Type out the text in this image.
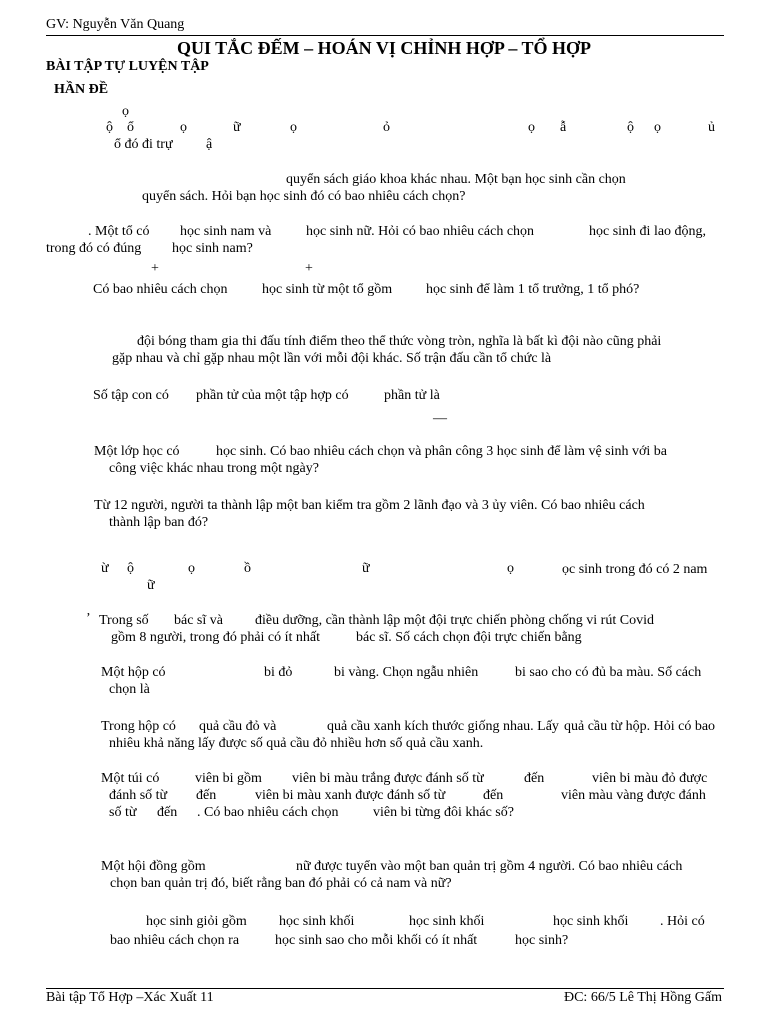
GV: Nguyễn Văn Quang
QUI TẮC ĐẾM – HOÁN VỊ CHỈNH HỢP – TỔ HỢP
BÀI TẬP TỰ LUYỆN TẬP
HẦN ĐỀ
ọ
ộ ổ	ọ	ữ	ọ	ỏ	ọ ẫ	ộ ọ	ủ
ổ đó đi trự ậ
quyển sách giáo khoa khác nhau. Một bạn học sinh cần chọn
quyển sách. Hỏi bạn học sinh đó có bao nhiêu cách chọn?
. Một tổ có học sinh nam và học sinh nữ. Hỏi có bao nhiêu cách chọn	học sinh đi lao động,
trong đó có đúng học sinh nam?
+	+
Có bao nhiêu cách chọn học sinh từ một tổ gồm học sinh để làm 1 tổ trưởng, 1 tổ phó?
đội bóng tham gia thi đấu tính điểm theo thể thức vòng tròn, nghĩa là bất kì đội nào cũng phải
gặp nhau và chỉ gặp nhau một lần với mỗi đội khác. Số trận đấu cần tổ chức là
Số tập con có phần tử của một tập hợp có	phần tử là
—
Một lớp học có	học sinh. Có bao nhiêu cách chọn và phân công 3 học sinh để làm vệ sinh với ba
công việc khác nhau trong một ngày?
Từ 12 người, người ta thành lập một ban kiểm tra gồm 2 lãnh đạo và 3 ủy viên. Có bao nhiêu cách
thành lập ban đó?
ừ ộ	ọ	ồ	ữ	ọ	ọc sinh trong đó có 2 nam
ữ
’ Trong số bác sĩ và điều dưỡng, cần thành lập một đội trực chiến phòng chống vi rút Covid
gồm 8 người, trong đó phải có ít nhất	bác sĩ. Số cách chọn đội trực chiến bằng
Một hộp có	bi đỏ	bi vàng. Chọn ngẫu nhiên	bi sao cho có đủ ba màu. Số cách
chọn là
Trong hộp có quả cầu đỏ và	quả cầu xanh kích thước giống nhau. Lấy quả cầu từ hộp. Hỏi có bao
nhiêu khả năng lấy được số quả cầu đỏ nhiều hơn số quả cầu xanh.
Một túi có	viên bi gồm viên bi màu trắng được đánh số từ	đến	viên bi màu đỏ được
đánh số từ đến	viên bi màu xanh được đánh số từ	đến	viên màu vàng được đánh
số từ đến . Có bao nhiêu cách chọn viên bi từng đôi khác số?
Một hội đồng gồm	nữ được tuyển vào một ban quản trị gồm 4 người. Có bao nhiêu cách
chọn ban quản trị đó, biết rằng ban đó phải có cả nam và nữ?
học sinh giỏi gồm học sinh khối	học sinh khối	học sinh khối . Hỏi có
bao nhiêu cách chọn ra	học sinh sao cho mỗi khối có ít nhất	học sinh?
Bài tập Tổ Hợp –Xác Xuất 11	ĐC: 66/5 Lê Thị Hồng Gấm
